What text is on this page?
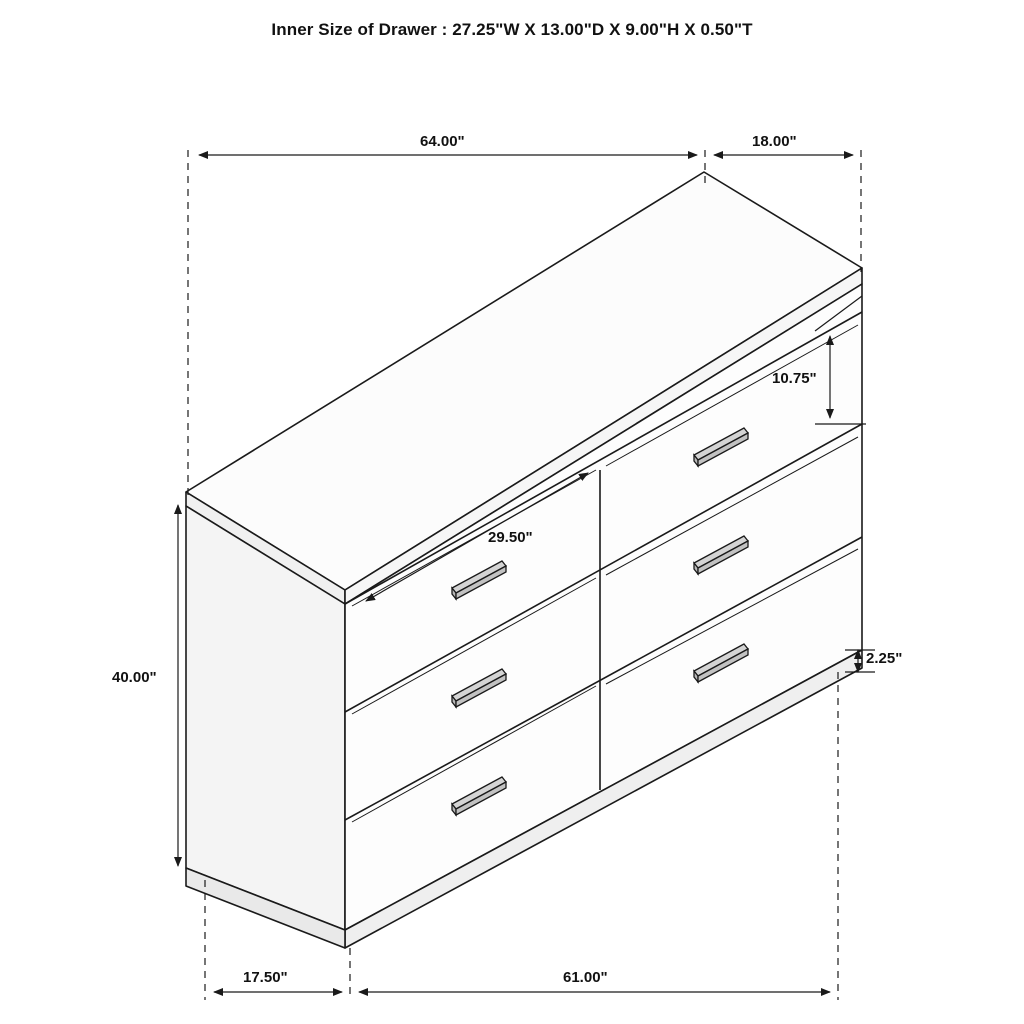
Inner Size of Drawer : 27.25"W X 13.00"D X 9.00"H X 0.50"T
64.00"	18.00"
10.75"
2.25"
40.00"
29.50"
17.50"	61.00"
